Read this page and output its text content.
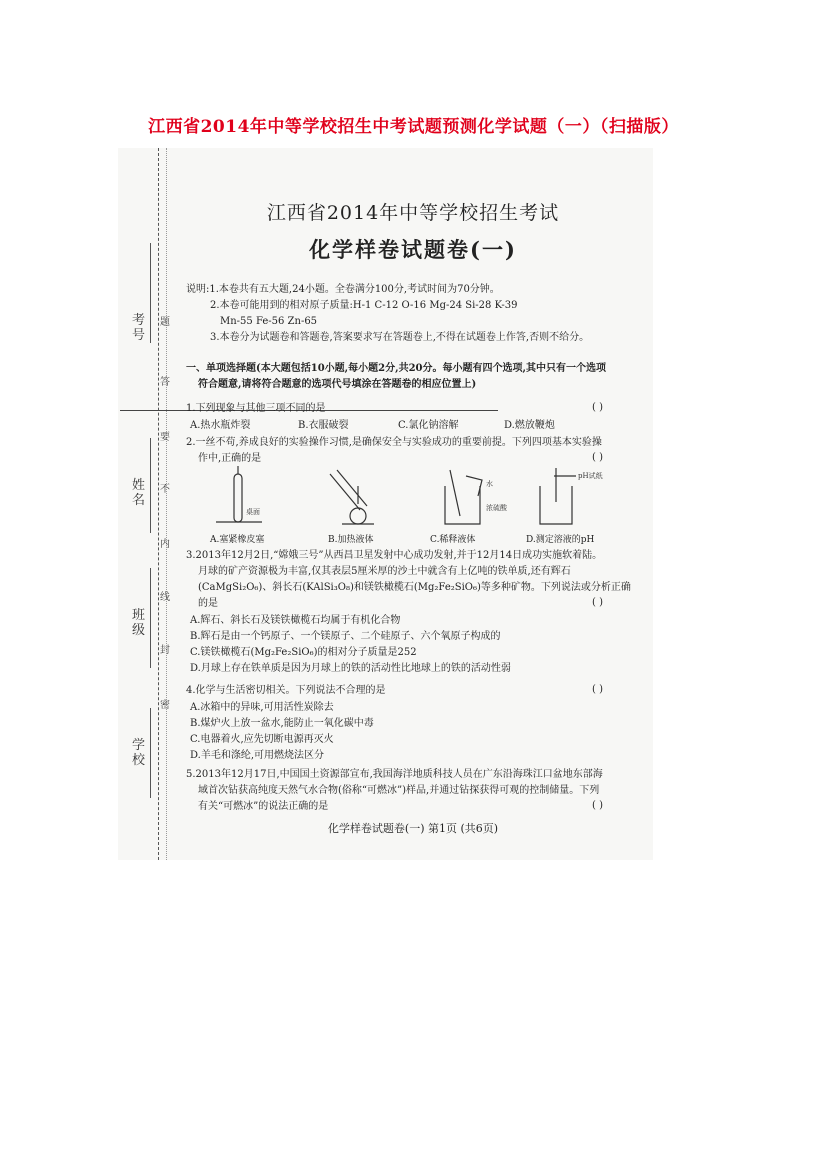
江西省2014年中等学校招生中考试题预测化学试题（一）（扫描版）
考号
姓名
班级
学校
题
答
要
不
内
线
封
密
江西省2014年中等学校招生考试
化学样卷试题卷(一)
说明:1.本卷共有五大题,24小题。全卷满分100分,考试时间为70分钟。
2.本卷可能用到的相对原子质量:H-1 C-12 O-16 Mg-24 Si-28 K-39
Mn-55 Fe-56 Zn-65
3.本卷分为试题卷和答题卷,答案要求写在答题卷上,不得在试题卷上作答,否则不给分。
一、单项选择题(本大题包括10小题,每小题2分,共20分。每小题有四个选项,其中只有一个选项
符合题意,请将符合题意的选项代号填涂在答题卷的相应位置上)
1.下列现象与其他三项不同的是	( )
A.热水瓶炸裂	B.衣服破裂	C.氯化钠溶解	D.燃放鞭炮
2.一丝不苟,养成良好的实验操作习惯,是确保安全与实验成功的重要前提。下列四项基本实验操
作中,正确的是	( )
桌面
水
浓硫酸
pH试纸
A.塞紧橡皮塞	B.加热液体	C.稀释液体	D.测定溶液的pH
3.2013年12月2日,“嫦娥三号”从西昌卫星发射中心成功发射,并于12月14日成功实施软着陆。
月球的矿产资源极为丰富,仅其表层5厘米厚的沙土中就含有上亿吨的铁单质,还有辉石
(CaMgSi₂O₆)、斜长石(KAlSi₃O₈)和镁铁橄榄石(Mg₂Fe₂SiO₆)等多种矿物。下列说法或分析正确
的是	( )
A.辉石、斜长石及镁铁橄榄石均属于有机化合物
B.辉石是由一个钙原子、一个镁原子、二个硅原子、六个氧原子构成的
C.镁铁橄榄石(Mg₂Fe₂SiO₆)的相对分子质量是252
D.月球上存在铁单质是因为月球上的铁的活动性比地球上的铁的活动性弱
4.化学与生活密切相关。下列说法不合理的是	( )
A.冰箱中的异味,可用活性炭除去
B.煤炉火上放一盆水,能防止一氧化碳中毒
C.电器着火,应先切断电源再灭火
D.羊毛和涤纶,可用燃烧法区分
5.2013年12月17日,中国国土资源部宣布,我国海洋地质科技人员在广东沿海珠江口盆地东部海
域首次钻获高纯度天然气水合物(俗称“可燃冰”)样品,并通过钻探获得可观的控制储量。下列
有关“可燃冰”的说法正确的是	( )
化学样卷试题卷(一) 第1页 (共6页)
